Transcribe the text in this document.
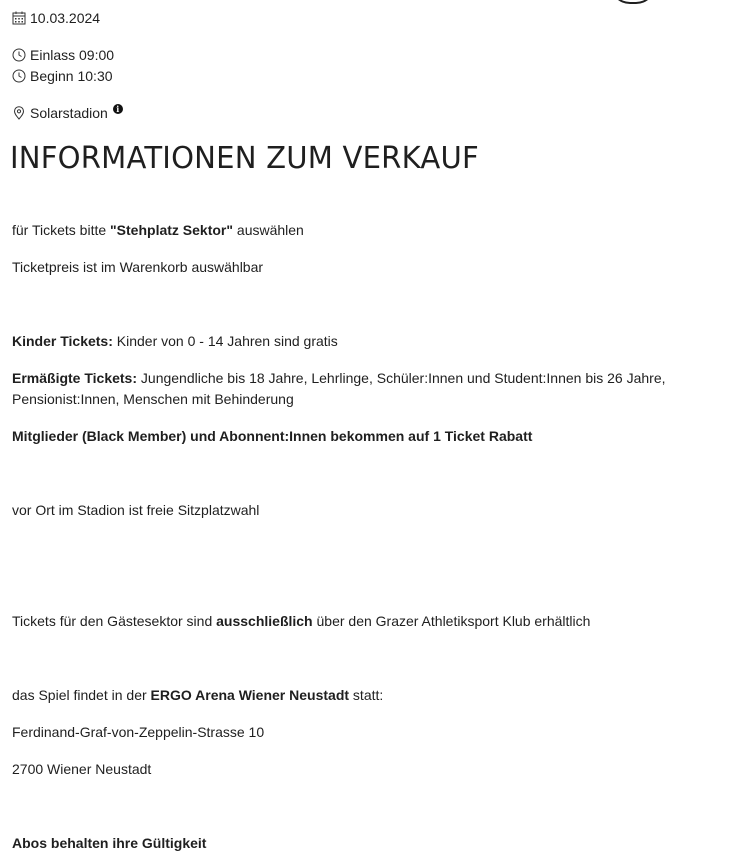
10.03.2024
Einlass 09:00
Beginn 10:30
Solarstadion	i
INFORMATIONEN ZUM VERKAUF

für Tickets bitte "Stehplatz Sektor" auswählen

Ticketpreis ist im Warenkorb auswählbar

Kinder Tickets: Kinder von 0 - 14 Jahren sind gratis

Ermäßigte Tickets: Jungendliche bis 18 Jahre, Lehrlinge, Schüler:Innen und Student:Innen bis 26 Jahre, Pensionist:Innen, Menschen mit Behinderung

Mitglieder (Black Member) und Abonnent:Innen bekommen auf 1 Ticket Rabatt

vor Ort im Stadion ist freie Sitzplatzwahl

Tickets für den Gästesektor sind ausschließlich über den Grazer Athletiksport Klub erhältlich

das Spiel findet in der ERGO Arena Wiener Neustadt statt:

Ferdinand-Graf-von-Zeppelin-Strasse 10

2700 Wiener Neustadt

Abos behalten ihre Gültigkeit
